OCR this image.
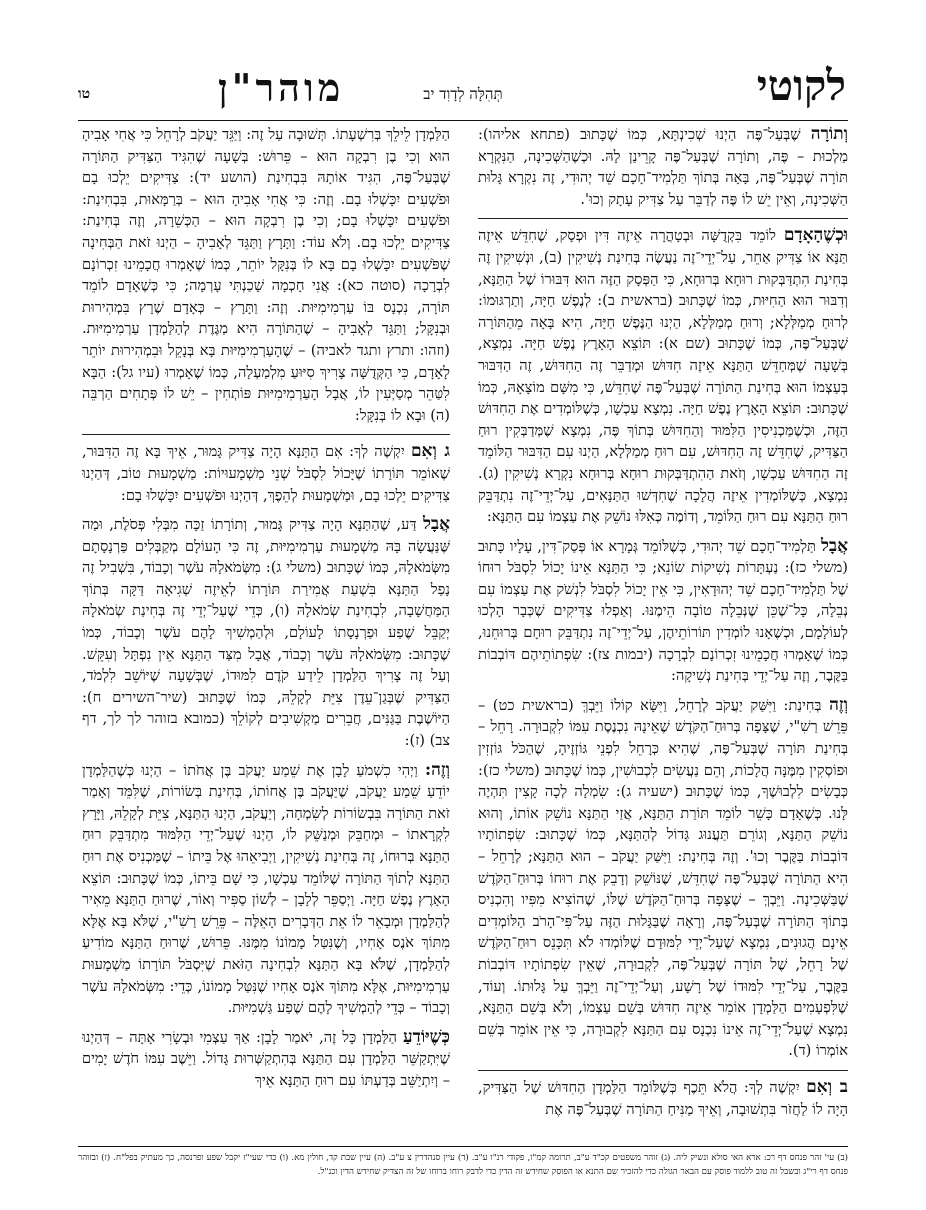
לקוטי
תְּהִלָּה לְדָוִד יב
מוהר"ן
טו

וְתוֹרָה שֶׁבְּעַל־פֶּה הַיְנוּ שְׁכִינְתָּא, כְּמוֹ שֶׁכָּתוּב (פתחא אליהו): מַלְכוּת – פֶּה, וְתוֹרָה שֶׁבְּעַל־פֶּה קָרֵינַן לָהּ. וּכְשֶׁהַשְּׁכִינָה, הַנִּקְרָא תּוֹרָה שֶׁבְּעַל־פֶּה, בָּאָה בְּתוֹךְ תַּלְמִיד־חָכָם שֵׁד יְהוּדִי, זֶה נִקְרָא גָּלוּת הַשְּׁכִינָה, וְאֵין יֵשׁ לוֹ פֶּה לְדַבֵּר עַל צַדִּיק עָתָק וְכוּ'.

וּכְשֶׁהָאָדָם לוֹמֵד בִּקְדֻשָּׁה וּבְטָהֳרָה אֵיזֶה דִּין וּפְסָק, שֶׁחִדֵּשׁ אֵיזֶה תַּנָּא אוֹ צַדִּיק אַחֵר, עַל־יְדֵי־זֶה נַעֲשֶׂה בְּחִינַת נְשִׁיקִין (ב), וּנְשִׁיקִין זֶה בְּחִינַת הִתְדַּבְּקוּת רוּחָא בְּרוּחָא, כִּי הַפְּסָק הַזֶּה הוּא דִּבּוּרוֹ שֶׁל הַתַּנָּא, וְדִבּוּר הוּא הַחִיּוּת, כְּמוֹ שֶׁכָּתוּב (בראשית ב): לְנֶפֶשׁ חַיָּה, וְתַרְגּוּמוֹ: לְרוּחַ מְמַלְּלָא; וְרוּחַ מְמַלְּלָא, הַיְנוּ הַנֶּפֶשׁ חַיָּה, הִיא בָּאָה מֵהַתּוֹרָה שֶׁבְּעַל־פֶּה, כְּמוֹ שֶׁכָּתוּב (שם א): תּוֹצֵא הָאָרֶץ נֶפֶשׁ חַיָּה. נִמְצָא, בְּשָׁעָה שֶׁמְּחַדֵּשׁ הַתַּנָּא אֵיזֶה חִדּוּשׁ וּמְדַבֵּר זֶה הַחִדּוּשׁ, זֶה הַדִּבּוּר בְּעַצְמוֹ הוּא בְּחִינַת הַתּוֹרָה שֶׁבְּעַל־פֶּה שֶׁחִדֵּשׁ, כִּי מִשָּׁם מוֹצָאָהּ, כְּמוֹ שֶׁכָּתוּב: תּוֹצֵא הָאָרֶץ נֶפֶשׁ חַיָּה. נִמְצָא עַכְשָׁו, כְּשֶׁלּוֹמְדִים אֶת הַחִדּוּשׁ הַזֶּה, וּכְשֶׁמַּכְנִיסִין הַלִּמּוּד וְהַחִדּוּשׁ בְּתוֹךְ פֶּה, נִמְצָא שֶׁמְּדַבְּקִין רוּחַ הַצַּדִּיק, שֶׁחִדֵּשׁ זֶה הַחִדּוּשׁ, עִם רוּחַ מְמַלְּלָא, הַיְנוּ עִם הַדִּבּוּר הַלּוֹמֵד זֶה הַחִדּוּשׁ עַכְשָׁו, וְזֹאת הַהִתְדַּבְּקוּת רוּחָא בְּרוּחָא נִקְרָא נְשִׁיקִין (ג). נִמְצָא, כְּשֶׁלּוֹמְדִין אֵיזֶה הֲלָכָה שֶׁחִדְּשׁוּ הַתַּנָּאִים, עַל־יְדֵי־זֶה נִתְדַּבֵּק רוּחַ הַתַּנָּא עִם רוּחַ הַלּוֹמֵד, וְדוֹמֶה כְּאִלּוּ נוֹשֵׁק אֶת עַצְמוֹ עִם הַתַּנָּא:

אֲבָל תַּלְמִיד־חָכָם שֵׁד יְהוּדִי, כְּשֶׁלּוֹמֵד גְּמָרָא אוֹ פְּסַק־דִּין, עָלָיו כָּתוּב (משלי כז): נַעְתָּרוֹת נְשִׁיקוֹת שׂוֹנֵא; כִּי הַתַּנָּא אֵינוֹ יָכוֹל לִסְבֹּל רוּחוֹ שֶׁל תַּלְמִיד־חָכָם שֵׁד יְהוּדָאִין, כִּי אֵין יָכוֹל לִסְבֹּל לִנְשֹׁק אֶת עַצְמוֹ עִם נְבֵלָה, כָּל־שֶׁכֵּן שֶׁנְּבֵלָה טוֹבָה הֵימֶנּוּ. וְאַפְלוּ צַדִּיקִים שֶׁכְּבָר הָלְכוּ לְעוֹלָמָם, וּכְשֶׁאָנוּ לוֹמְדִין תּוֹרוֹתֵיהֶן, עַל־יְדֵי־זֶה נִתְדַּבֵּק רוּחָם בְּרוּחֵנוּ, כְּמוֹ שֶׁאָמְרוּ חֲכָמֵינוּ זִכְרוֹנָם לִבְרָכָה (יבמות צז): שִׂפְתוֹתֵיהֶם דּוֹבְבוֹת בַּקֶּבֶר, וְזֶה עַל־יְדֵי בְּחִינַת נְשִׁיקָה:

וְזֶה בְּחִינַת: וַיִּשַּׁק יַעֲקֹב לְרָחֵל, וַיִּשָּׂא קוֹלוֹ וַיֵּבְךְּ (בראשית כט) – פֵּרֵשׁ רַשִׁ"י, שֶׁצָּפָה בְּרוּחַ־הַקֹּדֶשׁ שֶׁאֵינָהּ נִכְנֶסֶת עִמּוֹ לִקְבוּרָה. רָחֵל – בְּחִינַת תּוֹרָה שֶׁבְּעַל־פֶּה, שֶׁהִיא כְּרָחֵל לִפְנֵי גּוֹזְזֶיהָ, שֶׁהַכֹּל גּוֹזְזִין וּפוֹסְקִין מִמֶּנָּה הֲלָכוֹת, וְהֵם נַעֲשִׂים לִכְבוּשִׁין, כְּמוֹ שֶׁכָּתוּב (משלי כז): כְּבָשִׂים לִלְבוּשֶׁךָ, כְּמוֹ שֶׁכָּתוּב (ישעיה ג): שִׂמְלָה לְכָה קָצִין תִּהְיֶה לָּנוּ. כְּשֶׁאָדָם כָּשֵׁר לוֹמֵד תּוֹרַת הַתַּנָּא, אֲזַי הַתַּנָּא נוֹשֵׁק אוֹתוֹ, וְהוּא נוֹשֵׁק הַתַּנָּא, וְגוֹרֵם תַּעֲנוּג גָּדוֹל לְהַתַּנָּא, כְּמוֹ שֶׁכָּתוּב: שִׂפְתוֹתָיו דּוֹבְבוֹת בַּקֶּבֶר וְכוּ'. וְזֶה בְּחִינַת: וַיִּשַּׁק יַעֲקֹב – הוּא הַתַּנָּא; לְרָחֵל – הִיא הַתּוֹרָה שֶׁבְּעַל־פֶּה שֶׁחִדֵּשׁ, שֶׁנּוֹשֵׁק וְדָבֵק אֶת רוּחוֹ בְּרוּחַ־הַקֹּדֶשׁ שֶׁבַּשְּׁכִינָה. וַיֵּבְךְּ – שֶׁצָּפָה בְּרוּחַ־הַקֹּדֶשׁ שֶׁלּוֹ, שֶׁהוֹצִיא מִפִּיו וְהִכְנִיס בְּתוֹךְ הַתּוֹרָה שֶׁבְּעַל־פֶּה, וְרָאָה שֶׁבַּגָּלוּת הַזֶּה עַל־פִּי־הָרֹב הַלּוֹמְדִים אֵינָם הֲגוּנִים, נִמְצָא שֶׁעַל־יְדֵי לִמּוּדָם שֶׁלּוֹמְדוּ לֹא תִּכָּנֵס רוּחַ־הַקֹּדֶשׁ שֶׁל רָחֵל, שֶׁל תּוֹרָה שֶׁבְּעַל־פֶּה, לִקְבוּרָה, שֶׁאֵין שִׂפְתוֹתָיו דּוֹבְבוֹת בַּקֶּבֶר, עַל־יְדֵי לִמּוּדוֹ שֶׁל רָשָׁע, וְעַל־יְדֵי־זֶה וַיֵּבְךְּ עַל גָּלוּתוֹ. וְעוֹד, שֶׁלִּפְעָמִים הַלַּמְדָן אוֹמֵר אֵיזֶה חִדּוּשׁ בְּשֵׁם עַצְמוֹ, וְלֹא בְּשֵׁם הַתַּנָּא, נִמְצָא שֶׁעַל־יְדֵי־זֶה אֵינוֹ נִכְנָס עִם הַתַּנָּא לִקְבוּרָה, כִּי אֵין אוֹמֵר בְּשֵׁם אוֹמְרוֹ (ד).

ב וְאִם יִקְשֶׁה לְךָ: הֲלֹא תֵּכֶף כְּשֶׁלּוֹמֵד הַלַּמְדָן הַחִדּוּשׁ שֶׁל הַצַּדִּיק, הָיָה לוֹ לַחֲזֹר בִּתְשׁוּבָה, וְאֵיךְ מַנִּיחַ הַתּוֹרָה שֶׁבְּעַל־פֶּה אֶת

הַלַּמְדָן לֵילֵךְ בְּרִשְׁעָתוֹ. תְּשׁוּבָה עַל זֶה: וַיַּגֵּד יַעֲקֹב לְרָחֵל כִּי אֲחִי אָבִיהָ הוּא וְכִי בֶן רִבְקָה הוּא – פֵּרוּשׁ: בְּשָׁעָה שֶׁהִגִּיד הַצַּדִּיק הַתּוֹרָה שֶׁבְּעַל־פֶּה, הִגִּיד אוֹתָהּ בִּבְחִינַת (הושע יד): צַדִּיקִים יֵלְכוּ בָם וּפֹשְׁעִים יִכָּשְׁלוּ בָם. וְזֶה: כִּי אֲחִי אָבִיהָ הוּא – בְּרַמָּאוּת, בִּבְחִינַת: וּפֹשְׁעִים יִכָּשְׁלוּ בָם; וְכִי בֶן רִבְקָה הוּא – הַכְּשֵׁרָה, וְזֶה בְּחִינַת: צַדִּיקִים יֵלְכוּ בָם. וְלֹא עוֹד: וַתָּרָץ וַתַּגֵּד לְאָבִיהָ – הַיְנוּ זֹאת הַבְּחִינָה שֶׁפֹּשְׁעִים יִכָּשְׁלוּ בָם בָּא לוֹ בְּנִקָּל יוֹתֵר, כְּמוֹ שֶׁאָמְרוּ חֲכָמֵינוּ זִכְרוֹנָם לִבְרָכָה (סוטה כא): אֲנִי חָכְמָה שָׁכַנְתִּי עָרְמָה; כִּי כְּשֶׁאָדָם לוֹמֵד תּוֹרָה, נִכְנָס בּוֹ עַרְמִימִיּוּת. וְזֶה: וַתָּרָץ – כְּאָדָם שֶׁרָץ בִּמְהִירוּת וּבְנִקָּל; וַתַּגֵּד לְאָבִיהָ – שֶׁהַתּוֹרָה הִיא מַגֶּדֶת לְהַלַּמְדָן עַרְמִימִיּוּת. (וזהו: ותרץ ותגד לאביה) – שֶׁהָעַרְמִימִיּוּת בָּא בְּנָקֵל וּבִמְהִירוּת יוֹתֵר לָאָדָם, כִּי הַקְּדֻשָּׁה צָרִיךְ סִיּוּעַ מִלְמַעְלָה, כְּמוֹ שֶׁאָמְרוּ (עיו גל): הַבָּא לִטַּהֵר מְסַיְּעִין לוֹ, אֲבָל הָעַרְמִימִיּוּת פּוֹתְחִין – יֵשׁ לוֹ פְּתָחִים הַרְבֵּה (ה) וּבָא לוֹ בְּנִקָּל:

ג וְאִם יִקְשֶׁה לְךָ: אִם הַתַּנָּא הָיָה צַדִּיק גָּמוּר, אֵיךְ בָּא זֶה הַדִּבּוּר, שֶׁאוֹמֵר תּוֹרָתוֹ שֶׁיָּכוֹל לִסְבֹּל שְׁנֵי מַשְׁמָעוּיוֹת: מַשְׁמָעוּת טוֹב, דְּהַיְנוּ צַדִּיקִים יֵלְכוּ בָם, וּמַשְׁמָעוּת לְהֵפֶךְ, דְּהַיְנוּ וּפֹשְׁעִים יִכָּשְׁלוּ בָם:

אֲבָל דַּע, שֶׁהַתַּנָּא הָיָה צַדִּיק גָּמוּר, וְתוֹרָתוֹ זַכָּה מִבְּלִי פְּסֹלֶת, וּמַה שֶּׁנַּעֲשָׂה בָּהּ מַשְׁמָעוּת עַרְמִימִיּוּת, זֶה כִּי הָעוֹלָם מְקַבְּלִים פַּרְנָסָתָם מִשְּׂמֹאלָהּ, כְּמוֹ שֶׁכָּתוּב (משלי ג): מִשְּׂמֹאלָהּ עֹשֶׁר וְכָבוֹד, בִּשְׁבִיל זֶה נָפַל הַתַּנָּא בִּשְׁעַת אֲמִירַת תּוֹרָתוֹ לְאֵיזֶה שְׁגִיאָה דַּקָּה בְּתוֹךְ הַמַּחֲשָׁבָה, לִבְחִינַת שְׂמֹאלָהּ (ו), כְּדֵי שֶׁעַל־יְדֵי זֶה בְּחִינַת שְׂמֹאלָהּ יְקַבֵּל שֶׁפַע וּפַרְנָסָתוֹ לָעוֹלָם, וּלְהַמְשִׁיךְ לָהֶם עֹשֶׁר וְכָבוֹד, כְּמוֹ שֶׁכָּתוּב: מִשְּׂמֹאלָהּ עֹשֶׁר וְכָבוֹד, אֲבָל מִצַּד הַתַּנָּא אֵין נִפְתָּל וְעִקֵּשׁ. וְעַל זֶה צָרִיךְ הַלַּמְדָן לֵידַע קֹדֶם לִמּוּדוֹ, שֶׁבְּשָׁעָה שֶׁיּוֹשֵׁב לִלְמֹד, הַצַּדִּיק שֶׁבְּגַן־עֵדֶן צִיֵּת לְקָלֵהּ, כְּמוֹ שֶׁכָּתוּב (שיר־השירים ח): הַיּוֹשֶׁבֶת בַּגַּנִּים, חֲבֵרִים מַקְשִׁיבִים לְקוֹלֵךְ (כמובא בזוהר לך לך, דף צב) (ז):

וְזֶה: וַיְהִי כִשְׁמֹעַ לָבָן אֶת שֵׁמַע יַעֲקֹב בֶּן אֲחֹתוֹ – הַיְנוּ כְּשֶׁהַלַּמְדָן יוֹדֵעַ שֵׁמַע יַעֲקֹב, שֶׁיַּעֲקֹב בֶּן אֲחוֹתוֹ, בְּחִינַת בְּשׂוֹרוֹת, שֶׁלִּמֵּד וְאָמַר זֹאת הַתּוֹרָה בִּבְשׂוֹרוֹת לְשִׂמְחָה, וְיַעֲקֹב, הַיְנוּ הַתַּנָּא, צִיֵּת לְקָלֵהּ, וַיָּרָץ לִקְרָאתוֹ – וּמְחַבֵּק וּמְנַשֵּׁק לוֹ, הַיְנוּ שֶׁעַל־יְדֵי הַלִּמּוּד מִתְדַּבֵּק רוּחַ הַתַּנָּא בְּרוּחוֹ, זֶה בְּחִינַת נְשִׁיקִין, וַיְבִיאֵהוּ אֶל בֵּיתוֹ – שֶׁמַּכְנִיס אֶת רוּחַ הַתַּנָּא לְתוֹךְ הַתּוֹרָה שֶׁלּוֹמֵד עַכְשָׁו, כִּי שָׁם בֵּיתוֹ, כְּמוֹ שֶׁכָּתוּב: תּוֹצֵא הָאָרֶץ נֶפֶשׁ חַיָּה. וַיְסַפֵּר לְלָבָן – לְשׁוֹן סַפִּיר וְאוֹר, שֶׁרוּחַ הַתַּנָּא מֵאִיר לְהַלַּמְדָן וּמְבָאֵר לוֹ אֵת הַדְּבָרִים הָאֵלֶּה – פֵּרֵשׁ רַשִׁ"י, שֶׁלֹּא בָּא אֶלָּא מִתּוֹךְ אֹנֶס אָחִיו, וְשֶׁנִּטַּל מָמוֹנוֹ מִמֶּנּוּ. פֵּרוּשׁ, שֶׁרוּחַ הַתַּנָּא מוֹדִיעַ לְהַלַּמְדָן, שֶׁלֹּא בָּא הַתַּנָּא לִבְחִינָה הַזֹּאת שֶׁיִּסְבֹּל תּוֹרָתוֹ מַשְׁמָעוּת עַרְמִימִיּוּת, אֶלָּא מִתּוֹךְ אֹנֶס אָחִיו שֶׁנִּטַּל מָמוֹנוֹ, כְּדֵי: מִשְּׂמֹאלָהּ עֹשֶׁר וְכָבוֹד – כְּדֵי לְהַמְשִׁיךְ לָהֶם שֶׁפַע גַּשְׁמִיּוּת.

כְּשֶׁיּוֹדֵעַ הַלַּמְדָן כָּל זֶה, יֹאמַר לָבָן: אַךְ עַצְמִי וּבְשָׂרִי אָתָּה – דְּהַיְנוּ שֶׁיִּתְקַשֵּׁר הַלַּמְדָן עִם הַתַּנָּא בְּהִתְקַשְּׁרוּת גָּדוֹל. וַיֵּשֶׁב עִמּוֹ חֹדֶשׁ יָמִים – וְיִתְיַשֵּׁב בְּדַעְתּוֹ עִם רוּחַ הַתַּנָּא אֵיךְ

(ב) עי' זהר פנחס דף רכ: ארא האי סולא ונשיק ליה. (ג) זוהר משפטים קכ"ד ע"ב, תרומה קמ"ו, פקודי רנ"ו ע"ב. (ד) עיין סנהדרין צ ע"ב. (ה) עיין שבת קד, חולין מא. (ו) כדי שעי"ז יקבל שפע ופרנסה, כך מעתיק בפל"ח. (ז) ובזוהר פנחס דף רי"ג ובשבל זה טוב ללמוד פוסק עם הבאר הגולה כדי להזכיר שם התנא או הפוסק שחידש זה הדין כדי לדבק רוחו ברוחו של זה הצדיק שחידש הדין וכנ"ל.
